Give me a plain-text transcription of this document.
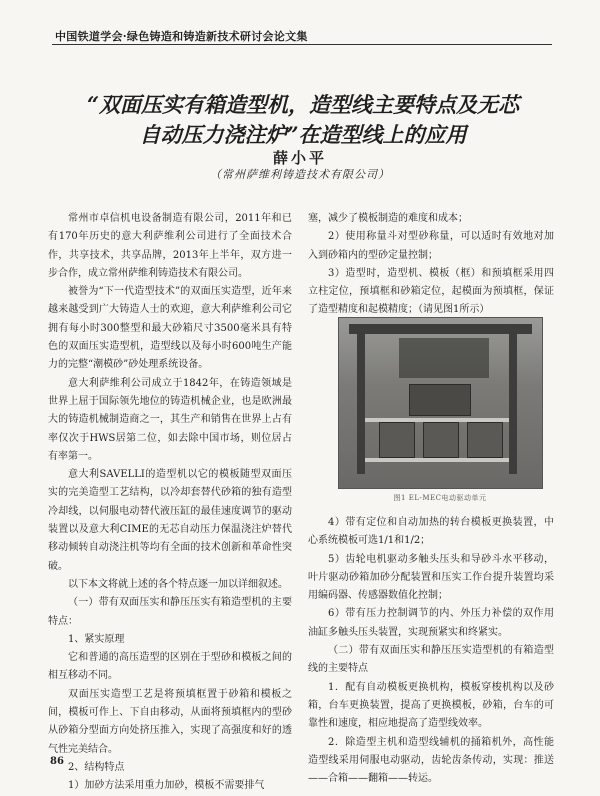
中国铁道学会·绿色铸造和铸造新技术研讨会论文集
“双面压实有箱造型机，造型线主要特点及无芯
自动压力浇注炉”在造型线上的应用
薛小平
（常州萨维利铸造技术有限公司）

常州市卓信机电设备制造有限公司，2011年和已有170年历史的意大利萨维利公司进行了全面技术合作，共享技术，共享品牌，2013年上半年，双方进一步合作，成立常州萨维利铸造技术有限公司。

被誉为“下一代造型技术”的双面压实造型，近年来越来越受到广大铸造人士的欢迎，意大利萨维利公司它拥有每小时300整型和最大砂箱尺寸3500毫米具有特色的双面压实造型机，造型线以及每小时600吨生产能力的完整“潮模砂”砂处理系统设备。

意大利萨维利公司成立于1842年，在铸造领域是世界上屈于国际领先地位的铸造机械企业，也是欧洲最大的铸造机械制造商之一，其生产和销售在世界上占有率仅次于HWS居第二位，如去除中国市场，则位居占有率第一。

意大利SAVELLI的造型机以它的模板随型双面压实的完美造型工艺结构，以冷却套替代砂箱的独有造型冷却线，以伺服电动替代液压缸的最佳速度调节的驱动装置以及意大利CIME的无芯自动压力保温浇注炉替代移动倾转自动浇注机等均有全面的技术创新和革命性突破。

以下本文将就上述的各个特点逐一加以详细叙述。

（一）带有双面压实和静压压实有箱造型机的主要特点：

1、紧实原理

它和普通的高压造型的区别在于型砂和模板之间的相互移动不同。

双面压实造型工艺是将预填框置于砂箱和模板之间，模板可作上、下自由移动，从面将预填框内的型砂从砂箱分型面方向处挤压推入，实现了高强度和好的透气性完美结合。

2、结构特点

1）加砂方法采用重力加砂，模板不需要排气

塞，减少了模板制造的难度和成本；

2）使用称量斗对型砂称量，可以适时有效地对加入到砂箱内的型砂定量控制；

3）造型时，造型机、模板（框）和预填框采用四立柱定位，预填框和砂箱定位，起模面为预填框，保证了造型精度和起模精度；（请见图1所示）

图1 EL-MEC电动驱动单元

4）带有定位和自动加热的转台模板更换装置，中心系统模板可选1/1和1/2；

5）齿轮电机驱动多触头压头和导砂斗水平移动，叶片驱动砂箱加砂分配装置和压实工作台提升装置均采用编码器、传感器数值化控制；

6）带有压力控制调节的内、外压力补偿的双作用油缸多触头压头装置，实现预紧实和终紧实。

（二）带有双面压实和静压压实造型机的有箱造型线的主要特点

1．配有自动模板更换机构，模板穿梭机构以及砂箱，台车更换装置，提高了更换模板，砂箱，台车的可靠性和速度，相应地提高了造型线效率。

2．除造型主机和造型线辅机的捅箱机外，高性能造型线采用伺服电动驱动，齿轮齿条传动，实现：推送——合箱——翻箱——转运。

86
